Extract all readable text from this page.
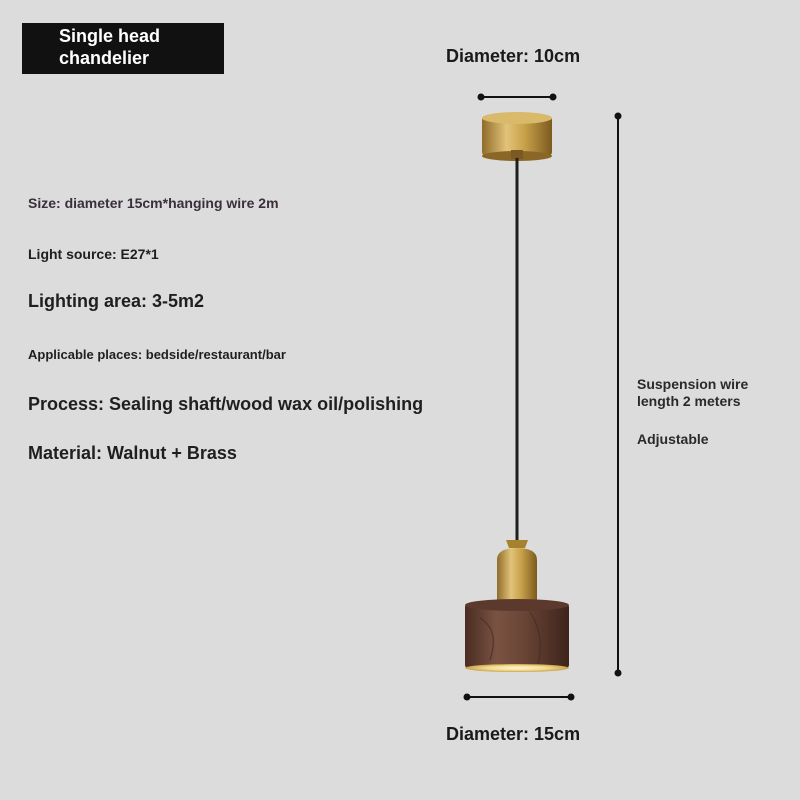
Single head chandelier
Size: diameter 15cm*hanging wire 2m
Light source: E27*1
Lighting area: 3-5m2
Applicable places: bedside/restaurant/bar
Process: Sealing shaft/wood wax oil/polishing
Material: Walnut + Brass
Diameter: 10cm
Diameter: 15cm
Suspension wire length 2 meters
Adjustable
